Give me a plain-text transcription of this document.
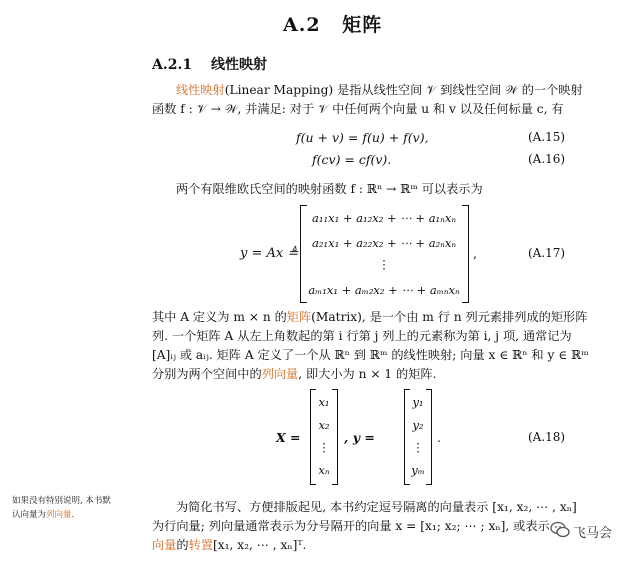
A.2 矩阵
A.2.1 线性映射
线性映射(Linear Mapping) 是指从线性空间 𝒱 到线性空间 𝒲 的一个映射
函数 f : 𝒱 → 𝒲, 并满足: 对于 𝒱 中任何两个向量 u 和 v 以及任何标量 c, 有
f(u + v) = f(u) + f(v),	(A.15)
f(cv) = cf(v).	(A.16)
两个有限维欧氏空间的映射函数 f : ℝⁿ → ℝᵐ 可以表示为
y = Ax ≜
a₁₁x₁ + a₁₂x₂ + ⋯ + a₁ₙxₙ
a₂₁x₁ + a₂₂x₂ + ⋯ + a₂ₙxₙ
⋮
aₘ₁x₁ + aₘ₂x₂ + ⋯ + aₘₙxₙ
,	(A.17)
其中 A 定义为 m × n 的矩阵(Matrix), 是一个由 m 行 n 列元素排列成的矩形阵
列. 一个矩阵 A 从左上角数起的第 i 行第 j 列上的元素称为第 i, j 项, 通常记为
[A]ᵢⱼ 或 aᵢⱼ. 矩阵 A 定义了一个从 ℝⁿ 到 ℝᵐ 的线性映射; 向量 x ∈ ℝⁿ 和 y ∈ ℝᵐ
分别为两个空间中的列向量, 即大小为 n × 1 的矩阵.
X =
x₁
x₂
⋮
xₙ
, y =
y₁
y₂
⋮
yₘ
.	(A.18)
如果没有特别说明, 本书默
认向量为列向量.
为简化书写、方便排版起见, 本书约定逗号隔离的向量表示 [x₁, x₂, ⋯ , xₙ]
为行向量; 列向量通常表示为分号隔开的向量 x = [x₁; x₂; ⋯ ; xₙ], 或表示
向量的转置[x₁, x₂, ⋯ , xₙ]ᵀ.
飞马会
